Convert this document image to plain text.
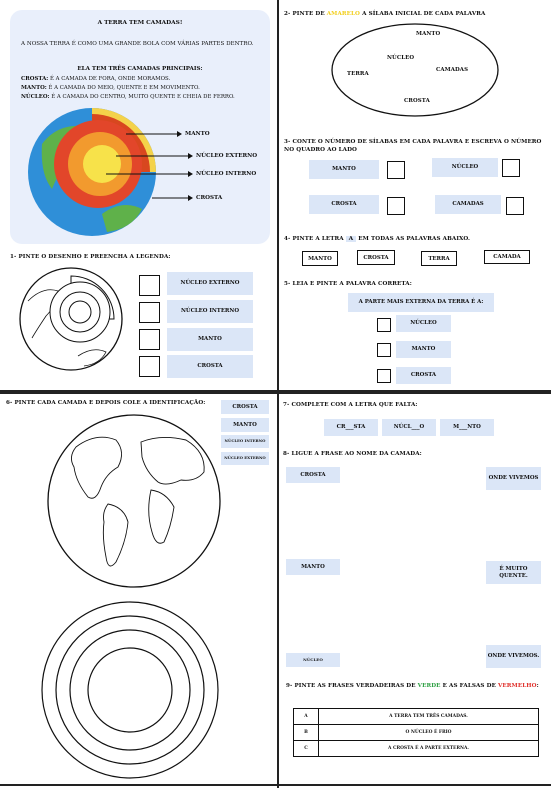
A TERRA TEM CAMADAS!
A NOSSA TERRA É COMO UMA GRANDE BOLA COM VÁRIAS PARTES DENTRO.
ELA TEM TRÊS CAMADAS PRINCIPAIS:
CROSTA: É A CAMADA DE FORA, ONDE MORAMOS.
MANTO: É A CAMADA DO MEIO, QUENTE E EM MOVIMENTO.
NÚCLEO: É A CAMADA DO CENTRO, MUITO QUENTE E CHEIA DE FERRO.
MANTO
NÚCLEO EXTERNO
NÚCLEO INTERNO
CROSTA
1- PINTE O DESENHO E PREENCHA A LEGENDA:
NÚCLEO EXTERNO
NÚCLEO INTERNO
MANTO
CROSTA
2- PINTE DE AMARELO A SÍLABA INICIAL DE CADA PALAVRA
MANTO
NÚCLEO
TERRA
CAMADAS
CROSTA
3- CONTE O NÚMERO DE SÍLABAS EM CADA PALAVRA E ESCREVA O NÚMERO NO QUADRO AO LADO
MANTO	NÚCLEO
CROSTA	CAMADAS
4- PINTE A LETRA A EM TODAS AS PALAVRAS ABAIXO.
MANTO	CROSTA	TERRA	CAMADA
5- LEIA E PINTE A PALAVRA CORRETA:
A PARTE MAIS EXTERNA DA TERRA É A:
NÚCLEO
MANTO
CROSTA
6- PINTE CADA CAMADA E DEPOIS COLE A IDENTIFICAÇÃO:
CROSTA
MANTO
NÚCLEO INTERNO
NÚCLEO EXTERNO
7- COMPLETE COM A LETRA QUE FALTA:
CR___STA	NÚCL___O	M___NTO
8- LIGUE A FRASE AO NOME DA CAMADA:
CROSTA
ONDE VIVEMOS
MANTO	É MUITO QUENTE.
NÚCLEO	ONDE VIVEMOS.
9- PINTE AS FRASES VERDADEIRAS DE VERDE E AS FALSAS DE VERMELHO:
A	A TERRA TEM TRÊS CAMADAS.
B	O NÚCLEO É FRIO
C	A CROSTA É A PARTE EXTERNA.
